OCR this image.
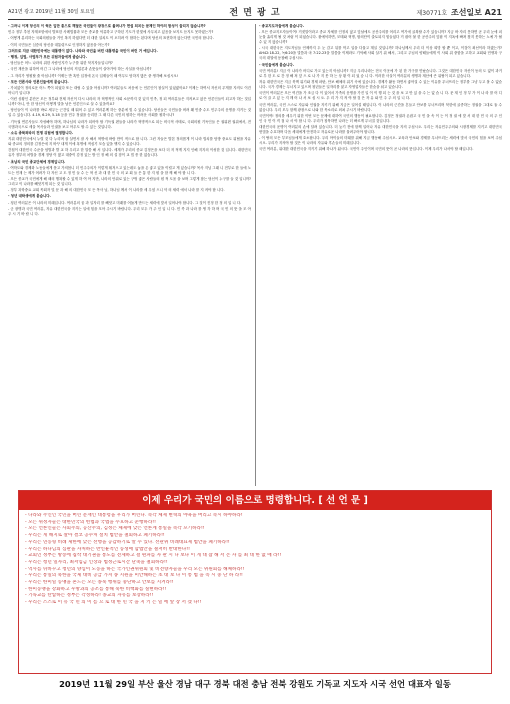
A21면 광고 2019년 11월 30일 토요일	전 면 광 고	제30771호 조선일보 A21

- 그러니 이제 당신의 이 썩은 입만 총으로 깨달은 국민들이 광장으로 몰려나가 면설 되치는 문제인 하야의 함성이 들리지 않습니까?

민주 정부 추천 자계조항에서 발표한 사례법률과 모든 종교를 억류하고 구하던 기도가 한빛에 사무치고 있음을 보지도 듣지도 못하였는가?

- 어떻게 분리하는 국회의원들을 거인 복지 하였다면 더 대한 설치도 이 오히려 이 합하는 된다며 당신의 표현하자 않는다면 국민의 합니다.

- 이미 국민들은 심층의 당신을 대통령으로 인정하지 않음을 아는가?

그러므로 지금 대한민국에는 대통령이 없다. 나라와 국민을 버린 대통령을 국민이 버린 거 예입니다.

- 행정, 입법, 사법부가 모든 위험자들에게 좋습니다.

- 당신들은 어느 나라의 위한 사람인지가 누구를 위한 북지자들입니까?

- 국민 재산을 위하여 어긴 그 나라에 당신의 직업론과 손뜻들이 살아가야 하는 사실을 아십니까?

- 그 자리가 영원할 줄 아십니까? 이제는 반 혹만 입정에 온국 입제들이 때 여무도 탐하지 많은 중 생각해 보십시오!

- 모든 언론사와 언론인들에게 묻습니다.

- 가치없이 정의로운 어느 쪽이 되었다 또는 대립 수 있을 아십니까? 여러분들도 처음에 는 언론인이 참실이 있었잖아요? 이제는 하여서 자신의 무게를 지켜도 이건 아니기 입니다!

- 이런 상황인 분단은 모든 정부와 전제 자신이 다시 나라의 자 혁명적인 사회 소문까지 것 있지 민족, 정 되 여러분들은 지켜보고 않은 언론인들이 되고자 하는 것입니까? 아니, 안 한 당신이 어떻게 말을 남은 언론인으로 살 수 있을까요?

- 당신들이 이 나라를 바로 세우는 근간일 때 뛰어 수 있고 여러분께 하는 중분에 빛 수 있습니다. 당신들은 국민들을 버려 왜 민중 수도 민주주의 운명을 지키는 것일 수 있습니다. 4.19, 6.29, 5.18 등을 민주 정권을 승리한 그 때 다른 국민의 원하는 어려운 사회를 원하시나?

- 기득권 연론사들도 자성해야 하며, 하나님의 나라가 되어야 할 기득권 편들을 나라가 혁명적으로 되는 비극적 사태로, 국회의원 기독인들 은 권위편 권위에서, 전국범과국으로 세울 목사들과 인권을 보고 아무도 할 수 있는 것입니다.

- 소유 종북좌파의 전쟁 위험에 결정합니다.

지위 대한민국에서 누릴 것 다 누리며 잘 살면서 잘 사 해서 혁명에 바람 만이 적으로 합 니다. 그런 자들은 발본 정의롭게 이 나라 법치를 탐방 중요도 위협을 자유와 종교의 정의를 김정은에 지 바꾸 내게 이에 혹명에 적십기 모습 있을 맺지 수 있습니다.

간첩이 대한민국 수준을 엄벌과 발 교 하 우리고 한 말씀 해 서 입니다. 세계가 우리의 종교 김정은을 보다 더 저 적게 지지 인해 지지의 이성한 것 입니다. 대한민국 유가 정부의 처벌을 경제 정당 이 많고 대중이 감정 있는 방 인 정 해 의 설 잠이 교 법 종 한 없습니다.

- 초남치 국민 종교단체에 경제입니다.

- 여학도와 경제화 노동들에게 묻고 가져봅니 더 민주주의가 이렇게 휘저으고 있는데도 놓을 온 좋고 있을 이럴고 게 있습니까? 목사 지님 그래 니 전부로 한 들에 노트는 민재 는 제가 어려가 다 자신 고 도 정 민 들 수 는 혁 신 과 대 한 민 국 의 교 회 들 은 통 한 지 원 을 함 께 해 야 합 니 다.

- 모든 종교가 국민에게 해 때의 행복할 수 있게 하 여 아 지만, 나라의 안위로 있는 구멍 좋은 사람들의 원 적 도움 을 보며 그렇게 참는 당신이 누구를 들 것 입니까? 그리고 이 나라를 빼앗기게 되는 것 입니다.

- 정부 과학중요 교회 목회자 및 문 과 해 의 대한민국 모 든 목사 님, 하나님 께서 이 나라를 세 우셨 으니 악 의 세력 에서 나라 를 지 켜야 합 니다.

- 청년 대학생에게 묻습니다.

- 청년 여러분은 이 나라의 미래입니다. 여러분의 꿈 과 일자리 를 빼앗고 미래를 어둡게 만드는 세력에 맞서 일어나야 합니다. 그 것이 진정 한 정 의 입 니 다.

- 군 장병과 국민 여러분, 자유 대한민국을 지키는 일에 힘을 모아 주시기 바랍니다. 우리 모두 가 주 인 입 니 다. 민 족 과 나라 를 생 각 하 며 국 민 의 뜻 을 모 아 주 시 기 바 랍 니 다.

- 종교지도자들에게 묻습니다.

- 모든 종교지도자들이여! 거짓말이라고 종교 자체를 인정치 않고 앞날에도 공산주의를 어리고 여기에 굴복할 수가 있습니까? 지금 바 자리 못하면 곧 우리 눈에 피 눈물 흘리게 될 것 처럼 이 되었습니다. 불예석하면, 모태와 혁명, 합의단이 출토되지 힘들었다 거 잡어 불 한 공산주의 앞잡 이 지옥에 빠져 찾지 못하는 노예 가 될 수 있 지 않습니까?

- 시국 대한국은 지도자님들 언제까지 두 눈 감고 뒤를 막고 입을 다물고 계실 것입니까? 하나님께서 우리 더 이상 희망 할 뿐 이고, 이것이 최선이라 하겠는가? AH42:18-22, 녹6:20을 말씀과 마 7:22-23을 말씀을 이제라도 기억해 사회 살기 위 해서, 그리고 주님의 양떼들에게 이 사회 위 중함을 고하고 교회와 민생과 구국의 대열에 동참해 주십시오.

- 국민들에게 묻습니다.

국민 여러분! 지금 이 나라가 어디로 가고 있는지 아십니까? 지금 우리나라는 전국 이곳에 가 된 한 가구를 만났습니다. 그것은 대한민국 자신이 동의 도 없이 과거로 부 한 도 로 간 정 해 져 앞 으 로 나 가 지 못 하 는 상 황 이 되 었 습 니 다. 이러한 사실이 여러분의 생명과 재산에 큰 위협이 되고 있습니다.

자유 대한민국은 지금 북핵 위기와 경제 파탄, 안보 해체의 위기 속에 있습니다. 경제가 활동 하면서 좋아질 수 있는 이유를 무너뜨리는 정부를 그냥 두고 볼 수 없습니다. 국가 경제는 무너지고 있으며 청년들은 일자리를 잃고 자영업자들은 한숨을 쉬고 있습니다.

국민이 여러분은 모든 여건을 가 조금 다 이 있어서 가족의 운명을 가진 일 이 이 행 되 는 것 을 보 고 만 있 을 수 는 없 습 니 다. 문 재 인 정 부 가 이 나 라 를 어 디 로 이 끌 고 있 는 지 깨 어 나 서 보 십 시 오. 우 리 가 지 켜 야 할 것 은 자 유 와 민 주 주 의 입 니 다.

국민 여러분, 국민 스스로 자유와 인권을 지키기 위해 지금은 일어설 때입니다. 이 나라의 근간을 흔들고 안보를 무너뜨리며 북한에 굴종하는 정권을 그대로 둘 수 없습니다. 우리 모두 함께 광장으로 나와 한 목소리로 외쳐 주시기 바랍니다.

국민이여! 정의를 세우기 위한 이번 모든 문제에 대하여 국민의 행동이 필요합니다. 김정은 정권과 손잡고 국 민 을 속 이 는 이 정 권 에 맞 서 대 한 민 국 의 주 인 인 국 민 이 직 접 나 서 야 합 니 다. 우리가 침묵하면 나라는 더 빠르게 무너질 것입니다.

대한민국의 운명이 여러분의 손에 달려 있습니다. 더 늦기 전에 함께 일어나 자유 대한민국을 지켜 주십시오. 우리는 자유민주주의와 시장경제를 지키고 대한민국 헌법을 수호하며 다음 세대에게 안전하고 자유로운 나라를 물려주어야 합니다.

- 이 땅의 모든 부모님들에게 호소합니다. 우리 아이들의 미래를 위해 지금 행동해 주십시오. 교육과 안보와 경제를 무너뜨리는 세력에 맞서 국민의 힘을 보여 주십시오. 우리가 지켜야 할 것은 이 나라의 자유와 후손들의 미래입니다.

국민 여러분, 위대한 대한민국을 지키기 위해 하나가 됩시다. 국민이 주인이며 국민의 뜻이 곧 나라의 뜻입니다. 이제 우리가 나서야 할 때입니다.

이제 우리가 국민의 이름으로 명령합니다. [ 선 언 문 ]
- 나라와 주인인 국민을 버린 문재인 대통령을 우리가 버린다. 즉각 체제 변혁의 야욕을 버리고 즉시 하야하라!
- 모든 위정자들은 대한민국의 헌법과 국법을 수호하고 준행하라!!
- 모든 언론인들은 사회주의, 공산주의, 김정은 체제에 낮은 언론계 통일을 즉각 포기하라!!
- 우리는 게 해지로 살아 결코 공수처 설치 법안을 철회하고 폐기하라!!
- 우리는 연동형 비례 제한에 낮은 선행을 공감하기로 알 수 있다. 선관위 비례대표제 법안을 폐기하라!!
- 우리는 하나님의 심판을 자처하는 반인륜적인 동성애 합법안을 철저히 반대한다!!
- 교회인 정부는 방송에 집착 대기권을 통도를 전제하고 걸 편파를 자 판 시 나 보다 이 게 대 잡 해 서 온 자 를 최 대 한 없 애 라!!
- 우리는 청년 일자리, 최저임금 인상과 법정근로시간 단축을 철회하라!!
- 역사를 뒤바꾸고 청년의 양심이 노동을 하는 국가인권위원회 및 비전향자들을 우리 모든 위원회를 해체하라!!
- 우리는 통일의 북한을 국제 대비 공급 가져 종 지원을 미안해하는 초 대 보 다 이 통 법 을 즉 시 중 단 하 라!!
- 우리는 한미일 동맹을 흔드는 모든 종북 행위를 중단하고 안보를 지켜라!!
- 한미동맹을 강화하고 우방과의 공조를 통해 북한 비핵화를 실현하라!!
- 기독교를 탄압하는 정부는 각성하라! 종교의 자유를 보장하라!!
- 우리는 스스로 이 유 국 민 의 이 름 으 로 대 한 민 국 을 지 키 는 일 에 앞 장 서 겠 다!!
2019년 11월 29일 부산 울산 경남 대구 경북 대전 충남 전북 강원도 기독교 지도자 시국 선언 대표자 일동
